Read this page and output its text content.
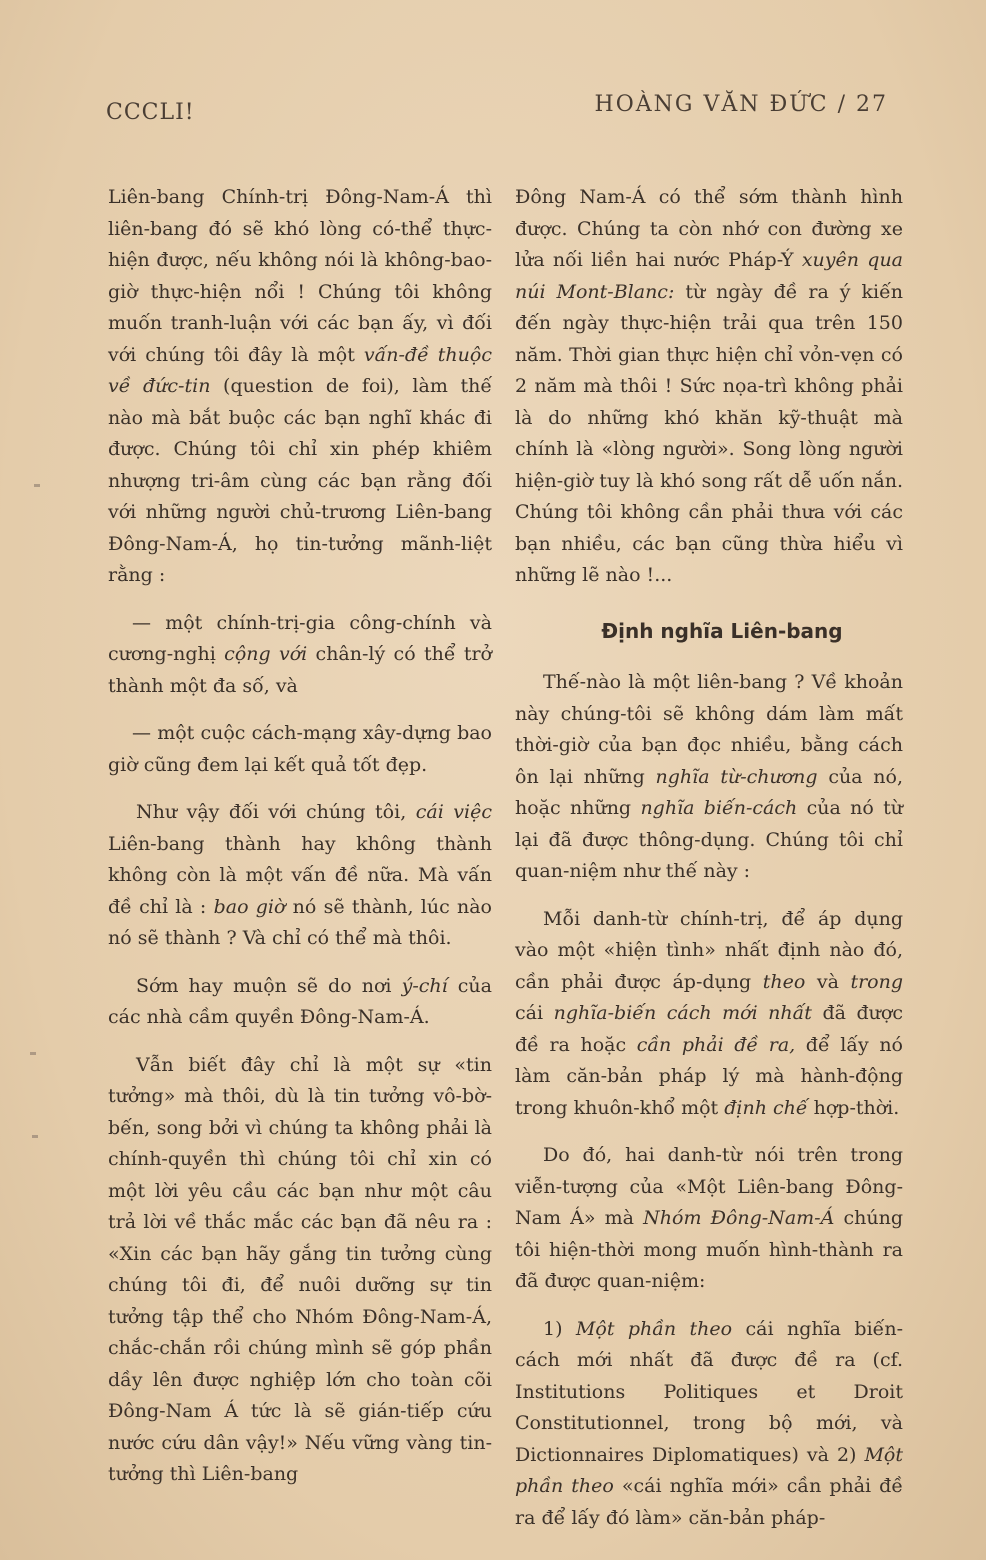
CCCLI!	HOÀNG VĂN ĐỨC / 27

Liên-bang Chính-trị Đông-Nam-Á thì liên-bang đó sẽ khó lòng có-thể thực-hiện được, nếu không nói là không-bao-giờ thực-hiện nổi ! Chúng tôi không muốn tranh-luận với các bạn ấy, vì đối với chúng tôi đây là một vấn-đề thuộc về đức-tin (question de foi), làm thế nào mà bắt buộc các bạn nghĩ khác đi được. Chúng tôi chỉ xin phép khiêm nhượng tri-âm cùng các bạn rằng đối với những người chủ-trương Liên-bang Đông-Nam-Á, họ tin-tưởng mãnh-liệt rằng :

— một chính-trị-gia công-chính và cương-nghị cộng với chân-lý có thể trở thành một đa số, và

— một cuộc cách-mạng xây-dựng bao giờ cũng đem lại kết quả tốt đẹp.

Như vậy đối với chúng tôi, cái việc Liên-bang thành hay không thành không còn là một vấn đề nữa. Mà vấn đề chỉ là : bao giờ nó sẽ thành, lúc nào nó sẽ thành ? Và chỉ có thể mà thôi.

Sớm hay muộn sẽ do nơi ý-chí của các nhà cầm quyền Đông-Nam-Á.

Vẫn biết đây chỉ là một sự «tin tưởng» mà thôi, dù là tin tưởng vô-bờ-bến, song bởi vì chúng ta không phải là chính-quyền thì chúng tôi chỉ xin có một lời yêu cầu các bạn như một câu trả lời về thắc mắc các bạn đã nêu ra : «Xin các bạn hãy gắng tin tưởng cùng chúng tôi đi, để nuôi dưỡng sự tin tưởng tập thể cho Nhóm Đông-Nam-Á, chắc-chắn rồi chúng mình sẽ góp phần dầy lên được nghiệp lớn cho toàn cõi Đông-Nam Á tức là sẽ gián-tiếp cứu nước cứu dân vậy!» Nếu vững vàng tin-tưởng thì Liên-bang

Đông Nam-Á có thể sớm thành hình được. Chúng ta còn nhớ con đường xe lửa nối liền hai nước Pháp-Ý xuyên qua núi Mont-Blanc: từ ngày đề ra ý kiến đến ngày thực-hiện trải qua trên 150 năm. Thời gian thực hiện chỉ vỏn-vẹn có 2 năm mà thôi ! Sức nọa-trì không phải là do những khó khăn kỹ-thuật mà chính là «lòng người». Song lòng người hiện-giờ tuy là khó song rất dễ uốn nắn. Chúng tôi không cần phải thưa với các bạn nhiều, các bạn cũng thừa hiểu vì những lẽ nào !...

Định nghĩa Liên-bang

Thế-nào là một liên-bang ? Về khoản này chúng-tôi sẽ không dám làm mất thời-giờ của bạn đọc nhiều, bằng cách ôn lại những nghĩa từ-chương của nó, hoặc những nghĩa biến-cách của nó từ lại đã được thông-dụng. Chúng tôi chỉ quan-niệm như thế này :

Mỗi danh-từ chính-trị, để áp dụng vào một «hiện tình» nhất định nào đó, cần phải được áp-dụng theo và trong cái nghĩa-biến cách mới nhất đã được đề ra hoặc cần phải đề ra, để lấy nó làm căn-bản pháp lý mà hành-động trong khuôn-khổ một định chế hợp-thời.

Do đó, hai danh-từ nói trên trong viễn-tượng của «Một Liên-bang Đông-Nam Á» mà Nhóm Đông-Nam-Á chúng tôi hiện-thời mong muốn hình-thành ra đã được quan-niệm:

1) Một phần theo cái nghĩa biến-cách mới nhất đã được đề ra (cf. Institutions Politiques et Droit Constitutionnel, trong bộ mới, và Dictionnaires Diplomatiques) và 2) Một phần theo «cái nghĩa mới» cần phải đề ra để lấy đó làm» căn-bản pháp-
